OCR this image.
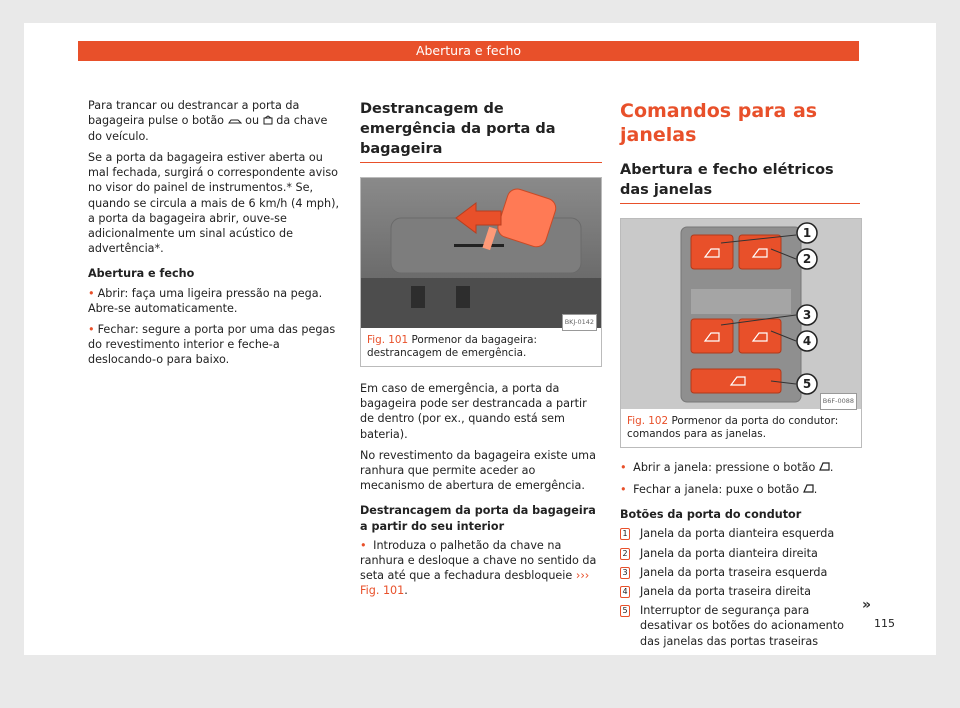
Abertura e fecho

Para trancar ou destrancar a porta da bagageira pulse o botão ou da chave do veículo.

Se a porta da bagageira estiver aberta ou mal fechada, surgirá o correspondente aviso no visor do painel de instrumentos.* Se, quando se circula a mais de 6 km/h (4 mph), a porta da bagageira abrir, ouve-se adicionalmente um sinal acústico de advertência*.

Abertura e fecho

• Abrir: faça uma ligeira pressão na pega. Abre-se automaticamente.

• Fechar: segure a porta por uma das pegas do revestimento interior e feche-a deslocando-o para baixo.

Destrancagem de emergência da porta da bagageira
BKJ-0142
Fig. 101 Pormenor da bagageira: destrancagem de emergência.

Em caso de emergência, a porta da bagageira pode ser destrancada a partir de dentro (por ex., quando está sem bateria).

No revestimento da bagageira existe uma ranhura que permite aceder ao mecanismo de abertura de emergência.

Destrancagem da porta da bagageira a partir do seu interior

• Introduza o palhetão da chave na ranhura e desloque a chave no sentido da seta até que a fechadura desbloqueie ››› Fig. 101.

Comandos para as janelas
Abertura e fecho elétricos das janelas
1
2
3
4
5
B6F-0088
Fig. 102 Pormenor da porta do condutor: comandos para as janelas.

• Abrir a janela: pressione o botão .

• Fechar a janela: puxe o botão .

Botões da porta do condutor
1 Janela da porta dianteira esquerda
2 Janela da porta dianteira direita
3 Janela da porta traseira esquerda
4 Janela da porta traseira direita
5 Interruptor de segurança para desativar os botões do acionamento das janelas das portas traseiras
»
115
